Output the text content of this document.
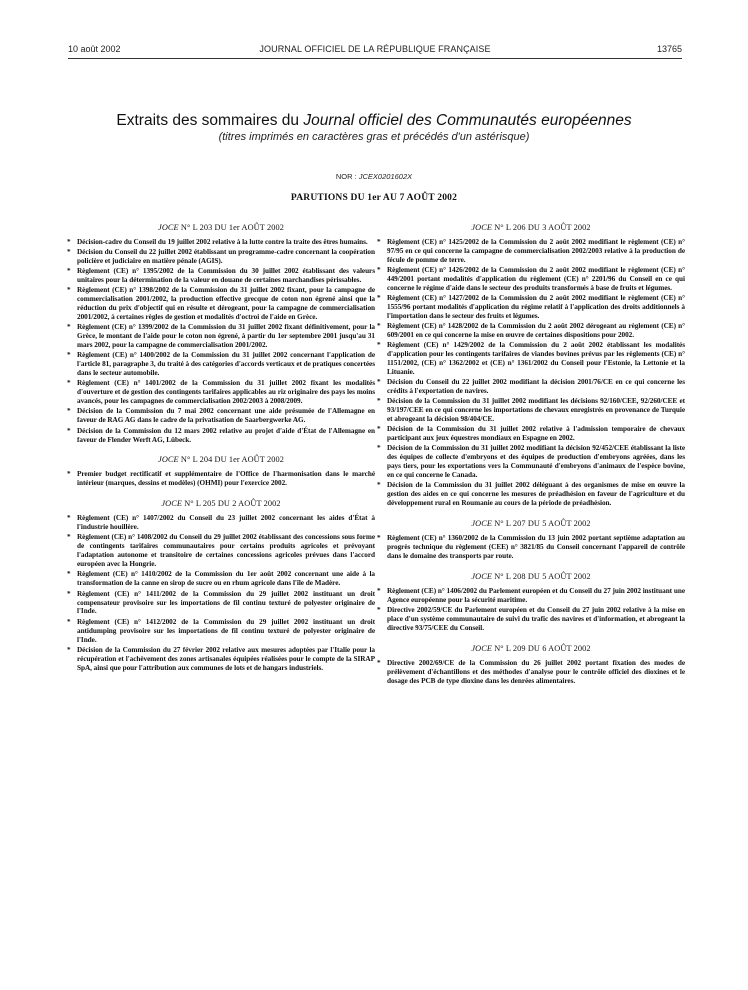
10 août 2002	JOURNAL OFFICIEL DE LA RÉPUBLIQUE FRANÇAISE	13765
Extraits des sommaires du Journal officiel des Communautés européennes
(titres imprimés en caractères gras et précédés d'un astérisque)
NOR : JCEX0201602X
PARUTIONS DU 1er AU 7 AOÛT 2002
JOCE N° L 203 DU 1er AOÛT 2002
* Décision-cadre du Conseil du 19 juillet 2002 relative à la lutte contre la traite des êtres humains.
* Décision du Conseil du 22 juillet 2002 établissant un programme-cadre concernant la coopération policière et judiciaire en matière pénale (AGIS).
* Règlement (CE) n° 1395/2002 de la Commission du 30 juillet 2002 établissant des valeurs unitaires pour la détermination de la valeur en douane de certaines marchandises périssables.
* Règlement (CE) n° 1398/2002 de la Commission du 31 juillet 2002 fixant, pour la campagne de commercialisation 2001/2002, la production effective grecque de coton non égrené ainsi que la réduction du prix d'objectif qui en résulte et dérogeant, pour la campagne de commercialisation 2001/2002, à certaines règles de gestion et modalités d'octroi de l'aide en Grèce.
* Règlement (CE) n° 1399/2002 de la Commission du 31 juillet 2002 fixant définitivement, pour la Grèce, le montant de l'aide pour le coton non égrené, à partir du 1er septembre 2001 jusqu'au 31 mars 2002, pour la campagne de commercialisation 2001/2002.
* Règlement (CE) n° 1400/2002 de la Commission du 31 juillet 2002 concernant l'application de l'article 81, paragraphe 3, du traité à des catégories d'accords verticaux et de pratiques concertées dans le secteur automobile.
* Règlement (CE) n° 1401/2002 de la Commission du 31 juillet 2002 fixant les modalités d'ouverture et de gestion des contingents tarifaires applicables au riz originaire des pays les moins avancés, pour les campagnes de commercialisation 2002/2003 à 2008/2009.
* Décision de la Commission du 7 mai 2002 concernant une aide présumée de l'Allemagne en faveur de RAG AG dans le cadre de la privatisation de Saarbergwerke AG.
* Décision de la Commission du 12 mars 2002 relative au projet d'aide d'État de l'Allemagne en faveur de Flender Werft AG, Lübeck.
JOCE N° L 204 DU 1er AOÛT 2002
* Premier budget rectificatif et supplémentaire de l'Office de l'harmonisation dans le marché intérieur (marques, dessins et modèles) (OHMI) pour l'exercice 2002.
JOCE N° L 205 DU 2 AOÛT 2002
* Règlement (CE) n° 1407/2002 du Conseil du 23 juillet 2002 concernant les aides d'État à l'industrie houillère.
* Règlement (CE) n° 1408/2002 du Conseil du 29 juillet 2002 établissant des concessions sous forme de contingents tarifaires communautaires pour certains produits agricoles et prévoyant l'adaptation autonome et transitoire de certaines concessions agricoles prévues dans l'accord européen avec la Hongrie.
* Règlement (CE) n° 1410/2002 de la Commission du 1er août 2002 concernant une aide à la transformation de la canne en sirop de sucre ou en rhum agricole dans l'île de Madère.
* Règlement (CE) n° 1411/2002 de la Commission du 29 juillet 2002 instituant un droit compensateur provisoire sur les importations de fil continu texturé de polyester originaire de l'Inde.
* Règlement (CE) n° 1412/2002 de la Commission du 29 juillet 2002 instituant un droit antidumping provisoire sur les importations de fil continu texturé de polyester originaire de l'Inde.
* Décision de la Commission du 27 février 2002 relative aux mesures adoptées par l'Italie pour la récupération et l'achèvement des zones artisanales équipées réalisées pour le compte de la SIRAP SpA, ainsi que pour l'attribution aux communes de lots et de hangars industriels.
JOCE N° L 206 DU 3 AOÛT 2002
* Règlement (CE) n° 1425/2002 de la Commission du 2 août 2002 modifiant le règlement (CE) n° 97/95 en ce qui concerne la campagne de commercialisation 2002/2003 relative à la production de fécule de pomme de terre.
* Règlement (CE) n° 1426/2002 de la Commission du 2 août 2002 modifiant le règlement (CE) n° 449/2001 portant modalités d'application du règlement (CE) n° 2201/96 du Conseil en ce qui concerne le régime d'aide dans le secteur des produits transformés à base de fruits et légumes.
* Règlement (CE) n° 1427/2002 de la Commission du 2 août 2002 modifiant le règlement (CE) n° 1555/96 portant modalités d'application du régime relatif à l'application des droits additionnels à l'importation dans le secteur des fruits et légumes.
* Règlement (CE) n° 1428/2002 de la Commission du 2 août 2002 dérogeant au règlement (CE) n° 609/2001 en ce qui concerne la mise en œuvre de certaines dispositions pour 2002.
* Règlement (CE) n° 1429/2002 de la Commission du 2 août 2002 établissant les modalités d'application pour les contingents tarifaires de viandes bovines prévus par les règlements (CE) n° 1151/2002, (CE) n° 1362/2002 et (CE) n° 1361/2002 du Conseil pour l'Estonie, la Lettonie et la Lituanie.
* Décision du Conseil du 22 juillet 2002 modifiant la décision 2001/76/CE en ce qui concerne les crédits à l'exportation de navires.
* Décision de la Commission du 31 juillet 2002 modifiant les décisions 92/160/CEE, 92/260/CEE et 93/197/CEE en ce qui concerne les importations de chevaux enregistrés en provenance de Turquie et abrogeant la décision 98/404/CE.
* Décision de la Commission du 31 juillet 2002 relative à l'admission temporaire de chevaux participant aux jeux équestres mondiaux en Espagne en 2002.
* Décision de la Commission du 31 juillet 2002 modifiant la décision 92/452/CEE établissant la liste des équipes de collecte d'embryons et des équipes de production d'embryons agréées, dans les pays tiers, pour les exportations vers la Communauté d'embryons d'animaux de l'espèce bovine, en ce qui concerne le Canada.
* Décision de la Commission du 31 juillet 2002 déléguant à des organismes de mise en œuvre la gestion des aides en ce qui concerne les mesures de préadhésion en faveur de l'agriculture et du développement rural en Roumanie au cours de la période de préadhésion.
JOCE N° L 207 DU 5 AOÛT 2002
* Règlement (CE) n° 1360/2002 de la Commission du 13 juin 2002 portant septième adaptation au progrès technique du règlement (CEE) n° 3821/85 du Conseil concernant l'appareil de contrôle dans le domaine des transports par route.
JOCE N° L 208 DU 5 AOÛT 2002
* Règlement (CE) n° 1406/2002 du Parlement européen et du Conseil du 27 juin 2002 instituant une Agence européenne pour la sécurité maritime.
* Directive 2002/59/CE du Parlement européen et du Conseil du 27 juin 2002 relative à la mise en place d'un système communautaire de suivi du trafic des navires et d'information, et abrogeant la directive 93/75/CEE du Conseil.
JOCE N° L 209 DU 6 AOÛT 2002
* Directive 2002/69/CE de la Commission du 26 juillet 2002 portant fixation des modes de prélèvement d'échantillons et des méthodes d'analyse pour le contrôle officiel des dioxines et le dosage des PCB de type dioxine dans les denrées alimentaires.
